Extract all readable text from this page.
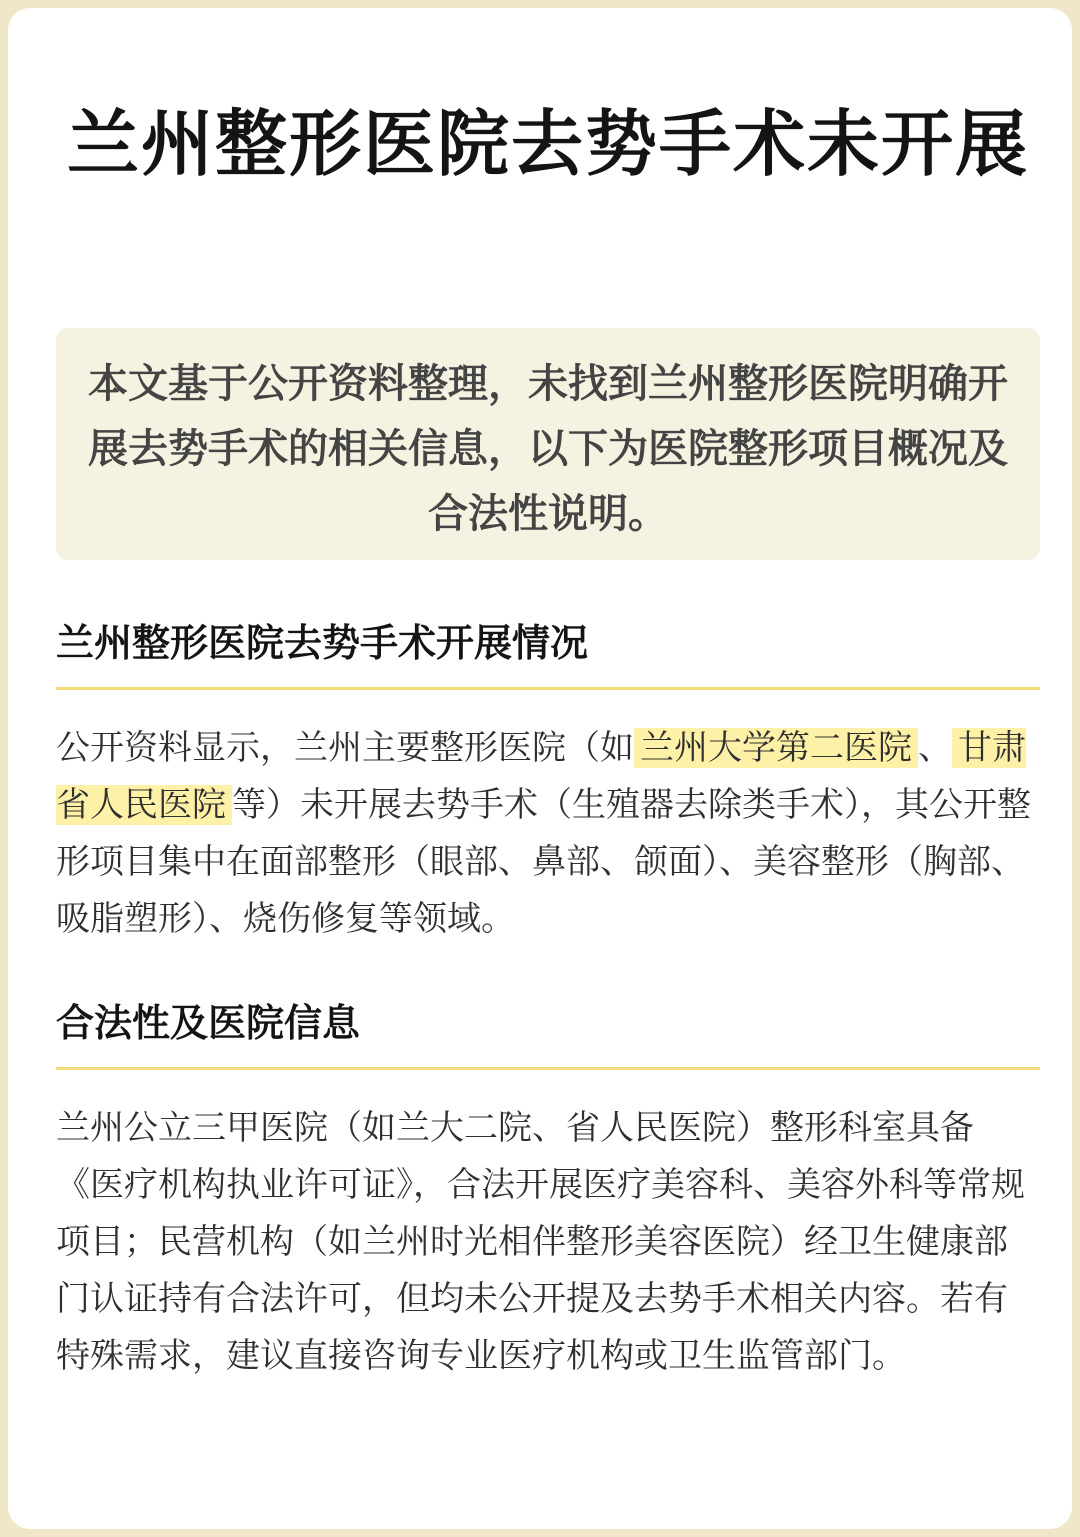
兰州整形医院去势手术未开展

本文基于公开资料整理，未找到兰州整形医院明确开展去势手术的相关信息，以下为医院整形项目概况及合法性说明。

兰州整形医院去势手术开展情况

公开资料显示，兰州主要整形医院（如 兰州大学第二医院 、 甘肃省人民医院 等）未开展去势手术（生殖器去除类手术），其公开整形项目集中在面部整形（眼部、鼻部、颌面）、美容整形（胸部、吸脂塑形）、烧伤修复等领域。

合法性及医院信息

兰州公立三甲医院（如兰大二院、省人民医院）整形科室具备《医疗机构执业许可证》，合法开展医疗美容科、美容外科等常规项目；民营机构（如兰州时光相伴整形美容医院）经卫生健康部门认证持有合法许可，但均未公开提及去势手术相关内容。若有特殊需求，建议直接咨询专业医疗机构或卫生监管部门。
